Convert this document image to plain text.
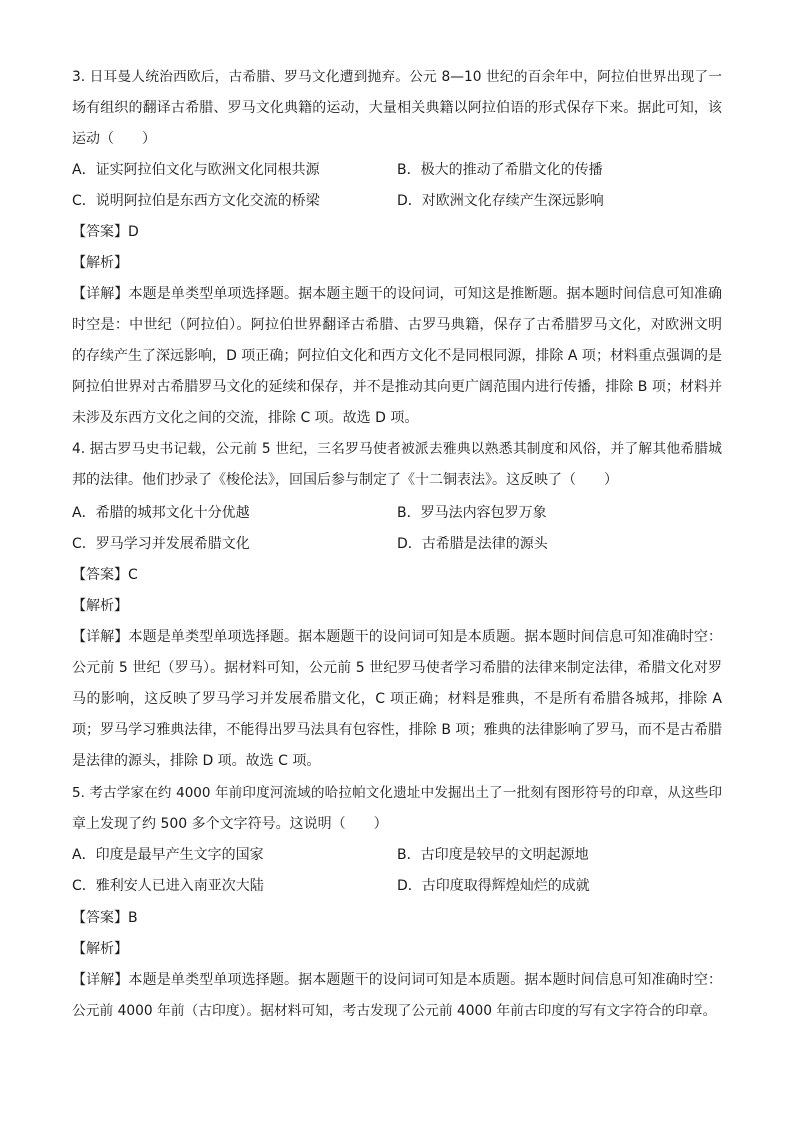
3. 日耳曼人统治西欧后，古希腊、罗马文化遭到抛弃。公元 8—10 世纪的百余年中，阿拉伯世界出现了一
场有组织的翻译古希腊、罗马文化典籍的运动，大量相关典籍以阿拉伯语的形式保存下来。据此可知，该
运动（　　）
A．证实阿拉伯文化与欧洲文化同根共源	B．极大的推动了希腊文化的传播
C．说明阿拉伯是东西方文化交流的桥梁	D．对欧洲文化存续产生深远影响
【答案】D
【解析】
【详解】本题是单类型单项选择题。据本题主题干的设问词，可知这是推断题。据本题时间信息可知准确
时空是：中世纪（阿拉伯）。阿拉伯世界翻译古希腊、古罗马典籍，保存了古希腊罗马文化，对欧洲文明
的存续产生了深远影响，D 项正确；阿拉伯文化和西方文化不是同根同源，排除 A 项；材料重点强调的是
阿拉伯世界对古希腊罗马文化的延续和保存，并不是推动其向更广阔范围内进行传播，排除 B 项；材料并
未涉及东西方文化之间的交流，排除 C 项。故选 D 项。
4. 据古罗马史书记载，公元前 5 世纪，三名罗马使者被派去雅典以熟悉其制度和风俗，并了解其他希腊城
邦的法律。他们抄录了《梭伦法》，回国后参与制定了《十二铜表法》。这反映了（　　）
A．希腊的城邦文化十分优越	B．罗马法内容包罗万象
C．罗马学习并发展希腊文化	D．古希腊是法律的源头
【答案】C
【解析】
【详解】本题是单类型单项选择题。据本题题干的设问词可知是本质题。据本题时间信息可知准确时空：
公元前 5 世纪（罗马）。据材料可知，公元前 5 世纪罗马使者学习希腊的法律来制定法律，希腊文化对罗
马的影响，这反映了罗马学习并发展希腊文化，C 项正确；材料是雅典，不是所有希腊各城邦，排除 A
项；罗马学习雅典法律，不能得出罗马法具有包容性，排除 B 项；雅典的法律影响了罗马，而不是古希腊
是法律的源头，排除 D 项。故选 C 项。
5. 考古学家在约 4000 年前印度河流域的哈拉帕文化遗址中发掘出土了一批刻有图形符号的印章，从这些印
章上发现了约 500 多个文字符号。这说明（　　）
A．印度是最早产生文字的国家	B．古印度是较早的文明起源地
C．雅利安人已进入南亚次大陆	D．古印度取得辉煌灿烂的成就
【答案】B
【解析】
【详解】本题是单类型单项选择题。据本题题干的设问词可知是本质题。据本题时间信息可知准确时空：
公元前 4000 年前（古印度）。据材料可知，考古发现了公元前 4000 年前古印度的写有文字符合的印章。
